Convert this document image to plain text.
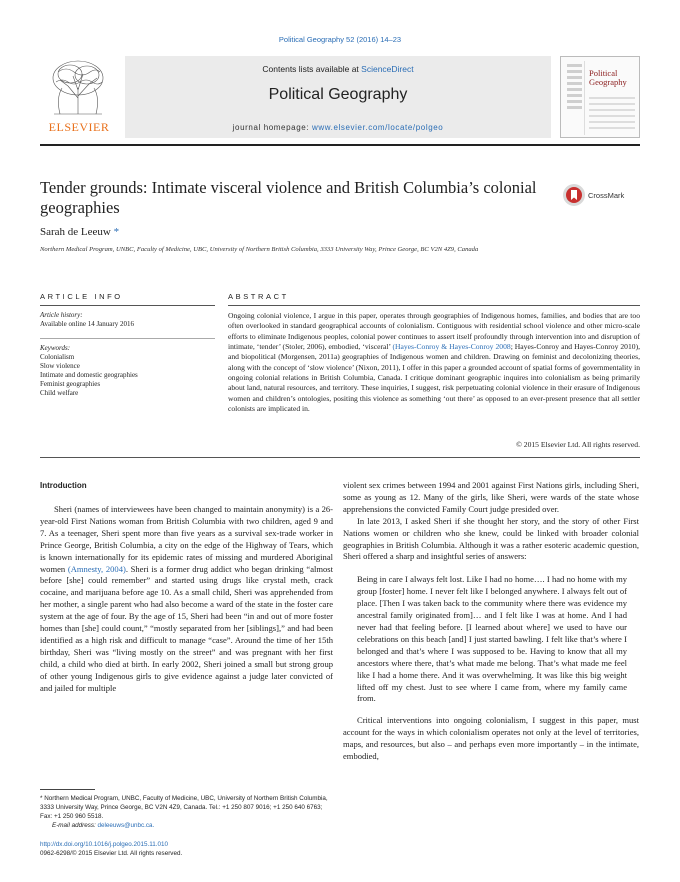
Political Geography 52 (2016) 14–23
ELSEVIER
Contents lists available at ScienceDirect
Political Geography
journal homepage: www.elsevier.com/locate/polgeo
Political
Geography
Tender grounds: Intimate visceral violence and British Columbia’s colonial geographies
CrossMark
Sarah de Leeuw *
Northern Medical Program, UNBC, Faculty of Medicine, UBC, University of Northern British Columbia, 3333 University Way, Prince George, BC V2N 4Z9, Canada
ARTICLE INFO
Article history:
Available online 14 January 2016
Keywords:
Colonialism
Slow violence
Intimate and domestic geographies
Feminist geographies
Child welfare
ABSTRACT
Ongoing colonial violence, I argue in this paper, operates through geographies of Indigenous homes, families, and bodies that are too often overlooked in standard geographical accounts of colonialism. Contiguous with residential school violence and other micro-scale efforts to eliminate Indigenous peoples, colonial power continues to assert itself profoundly through intervention into and disruption of intimate, ‘tender’ (Stoler, 2006), embodied, ‘visceral’ (Hayes-Conroy & Hayes-Conroy 2008; Hayes-Conroy and Hayes-Conroy 2010), and biopolitical (Morgensen, 2011a) geographies of Indigenous women and children. Drawing on feminist and decolonizing theories, along with the concept of ‘slow violence’ (Nixon, 2011), I offer in this paper a grounded account of spatial forms of governmentality in ongoing colonial relations in British Columbia, Canada. I critique dominant geographic inquires into colonialism as being primarily about land, natural resources, and territory. These inquiries, I suggest, risk perpetuating colonial violence in their erasure of Indigenous women and children’s ontologies, positing this violence as something ‘out there’ as opposed to an ever-present presence that all settler colonists are implicated in.
© 2015 Elsevier Ltd. All rights reserved.
Introduction

Sheri (names of interviewees have been changed to maintain anonymity) is a 26-year-old First Nations woman from British Columbia with two children, aged 9 and 7. As a teenager, Sheri spent more than five years as a survival sex-trade worker in Prince George, British Columbia, a city on the edge of the Highway of Tears, which is known internationally for its epidemic rates of missing and murdered Aboriginal women (Amnesty, 2004). Sheri is a former drug addict who began drinking “almost before [she] could remember” and started using drugs like crystal meth, crack cocaine, and marijuana before age 10. As a small child, Sheri was apprehended from her mother, a single parent who had also become a ward of the state in the foster care system at the age of four. By the age of 15, Sheri had been “in and out of more foster homes than [she] could count,” “mostly separated from her [siblings],” and had been identified as a high risk and difficult to manage “case”. Around the time of her 15th birthday, Sheri was “living mostly on the street” and was pregnant with her first child, a child who died at birth. In early 2002, Sheri joined a small but strong group of other young Indigenous girls to give evidence against a judge later convicted of and jailed for multiple

violent sex crimes between 1994 and 2001 against First Nations girls, including Sheri, some as young as 12. Many of the girls, like Sheri, were wards of the state whose apprehensions the convicted Family Court judge presided over.

In late 2013, I asked Sheri if she thought her story, and the story of other First Nations women or children who she knew, could be linked with broader colonial geographies in British Columbia. Although it was a rather esoteric academic question, Sheri offered a sharp and insightful series of answers:

Being in care I always felt lost. Like I had no home…. I had no home with my group [foster] home. I never felt like I belonged anywhere. I always felt out of place. [Then I was taken back to the community where there was evidence my ancestral family originated from]… and I felt like I was at home. And I had never had that feeling before. [I learned about where] we used to have our celebrations on this beach [and] I just started bawling. I felt like that’s where I belonged and that’s where I was supposed to be. Having to know that all my ancestors where there, that’s what made me belong. That’s what made me feel like I had a home there. And it was overwhelming. It was like this big weight lifted off my chest. Just to see where I came from, where my family came from.

Critical interventions into ongoing colonialism, I suggest in this paper, must account for the ways in which colonialism operates not only at the level of territories, maps, and resources, but also – and perhaps even more importantly – in the intimate, embodied,

* Northern Medical Program, UNBC, Faculty of Medicine, UBC, University of Northern British Columbia, 3333 University Way, Prince George, BC V2N 4Z9, Canada. Tel.: +1 250 807 9016; +1 250 640 6763; Fax: +1 250 960 5518.
E-mail address: deleeuws@unbc.ca.
http://dx.doi.org/10.1016/j.polgeo.2015.11.010
0962-6298/© 2015 Elsevier Ltd. All rights reserved.
